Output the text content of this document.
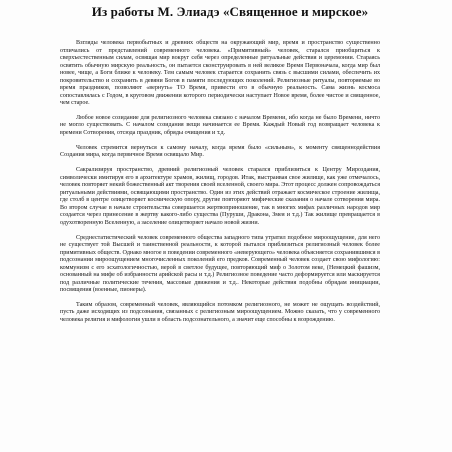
Из работы М. Элиадэ «Священное и мирское»

Взгляды человека первобытных и древних обществ на окружающий мир, время и пространство существенно отличались от представлений современного человека. «Примитивный» человек, старался приобщиться к сверхъестественным силам, освящая мир вокруг себя через определенные ритуальные действия и церемонии. Стараясь освятить обычную мирскую реальность, он пытается сконструировать в ней великое Время Первоначала, когда мир был новее, чище, а Боги ближе к человеку. Тем самым человек старается сохранить связь с высшими силами, обеспечить их покровительство и сохранить в девяни Богов в памяти последующих поколений. Религиозные ритуалы, повторяемые во время праздников, позволяют «вернуть» ТО Время, привести его в обычную реальность. Сама жизнь космоса сопоставлялась с Годом, в круговом движении которого периодически наступает Новое время, более чистое и священное, чем старое.

Любое новое созидание для религиозного человека связано с началом Времени, ибо когда не было Времени, ничто не могло существовать. С началом созидания вещи начинается ее Время. Каждый Новый год возвращает человека к времени Сотворения, отсюда праздник, обряды очищения и т.д.

Человек стремится вернуться к самому началу, когда время было «сильным», к моменту священнодействия Создания мира, когда первичное Время освящало Мир.

Сакрализируя пространство, древний религиозный человек старался приблизиться к Центру Мироздания, символически имитируя его в архитектуре храмов, жилищ, городов. Итак, выстраивая свое жилище, как уже отмечалось, человек повторяет некий божественный акт творения своей вселенной, своего мира. Этот процесс должен сопровождаться ритуальными действиями, освящающими пространство. Один из этих действий отражает космическое строение жилища, где столб в центре олицетворяет космическую опору, другие повторяют мифические сказания о начале сотворения мира. Во втором случае в начале строительства совершается жертвоприношение, так в многих мифах различных народов мир создается через принесение в жертву какого-либо существа (Пуруши, Дракона, Змея и т.д.) Так жилище превращается в одухотворенную Вселенную, а заселение олицетворяет начало новой жизни.

Среднестатистический человек современного общества западного типа утратил подобное мироощущение, для него не существует той Высшей и таинственной реальности, к которой пытался приблизиться религиозный человек более примитивных обществ. Однако многое в поведении современного «неверующего» человека объясняется сохранившимся в подсознании мироощущением многочисленных поколений его предков. Современный человек создает свою мифологию: коммунизм с его эсхатологичностью, верой в светлое будущее, повторяющий миф о Золотом веке, (Немецкий фашизм, основанный на мифе об избранности арийской расы и т.д.) Религиозное поведение часто деформируется или маскируется под различные политические течения, массовые движения и т.д.. Некоторые действия подобны обрядам инициации, посвящения (военные, пионеры).

Таким образом, современный человек, являющийся потомком религиозного, не может не ощущать воздействий, пусть даже исходящих из подсознания, связанных с религиозным мироощущением. Можно сказать, что у современного человека религия и мифология ушли в область подсознательного, а значит еще способны к возрождению.
